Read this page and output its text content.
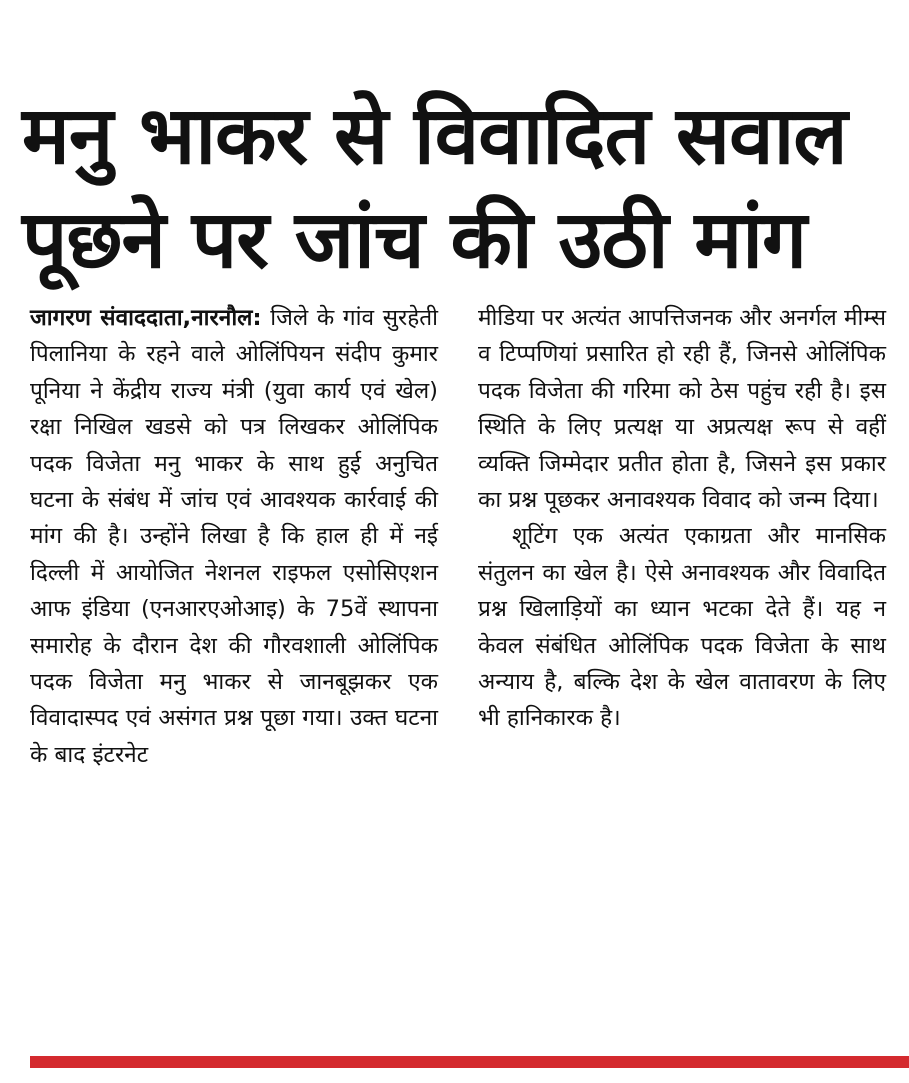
मनु भाकर से विवादित सवाल
पूछने पर जांच की उठी मांग

जागरण संवाददाता,नारनौल: जिले के गांव सुरहेती पिलानिया के रहने वाले ओलिंपियन संदीप कुमार पूनिया ने केंद्रीय राज्य मंत्री (युवा कार्य एवं खेल) रक्षा निखिल खडसे को पत्र लिखकर ओलिंपिक पदक विजेता मनु भाकर के साथ हुई अनुचित घटना के संबंध में जांच एवं आवश्यक कार्रवाई की मांग की है। उन्होंने लिखा है कि हाल ही में नई दिल्ली में आयोजित नेशनल राइफल एसोसिएशन आफ इंडिया (एनआरएओआइ) के 75वें स्थापना समारोह के दौरान देश की गौरवशाली ओलिंपिक पदक विजेता मनु भाकर से जानबूझकर एक विवादास्पद एवं असंगत प्रश्न पूछा गया। उक्त घटना के बाद इंटरनेट

मीडिया पर अत्यंत आपत्तिजनक और अनर्गल मीम्स व टिप्पणियां प्रसारित हो रही हैं, जिनसे ओलिंपिक पदक विजेता की गरिमा को ठेस पहुंच रही है। इस स्थिति के लिए प्रत्यक्ष या अप्रत्यक्ष रूप से वहीं व्यक्ति जिम्मेदार प्रतीत होता है, जिसने इस प्रकार का प्रश्न पूछकर अनावश्यक विवाद को जन्म दिया।

शूटिंग एक अत्यंत एकाग्रता और मानसिक संतुलन का खेल है। ऐसे अनावश्यक और विवादित प्रश्न खिलाड़ियों का ध्यान भटका देते हैं। यह न केवल संबंधित ओलिंपिक पदक विजेता के साथ अन्याय है, बल्कि देश के खेल वातावरण के लिए भी हानिकारक है।
